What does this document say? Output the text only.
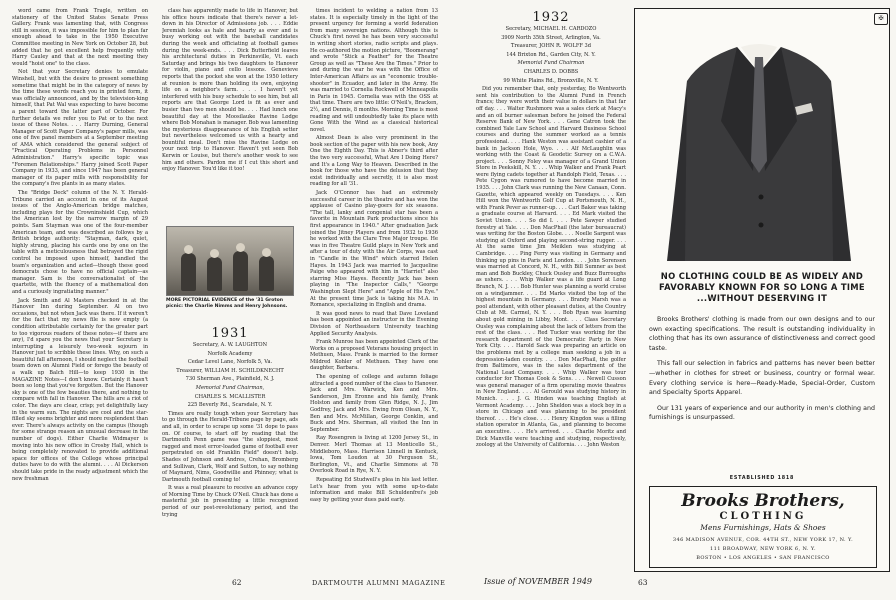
word came from Frank Tragle, written on stationery of the United States Senate Press Gallery. Frank was lamenting that, with Congress still in session, it was impossible for him to plan far enough ahead to take in the 1950 Executive Committee meeting in New York on October 28, but added that he got excellent help frequently with Harry Cauley and that at the next meeting they would "hoist one" to the class.

Not that your Secretary denies to emulate Winshell, but with the desire to present something sometime that might be in the category of news by the time these words reach you in printed form, it was officially announced, and by the television-king himself, that Pat Wal was expecting to have become a parent toward the latter part of October. For further details we refer you to Pat or to the next issue of these Notes. . . . Harry Durning, General Manager of Scott Paper Company's paper mills, was one of five panel members at a September meeting of AMA which considered the general subject of "Practical Operating Problems in Personnel Administration." Harry's specific topic was "Foremen Relationships." Harry joined Scott Paper Company in 1933, and since 1947 has been general manager of its paper mills with responsibility for the company's five plants in as many states.

The "Bridge Deck" column of the N. Y. Herald-Tribune carried an account in one of its August issues of the Anglo-American bridge matches, including plays for the Crowninshield Cup, which the American lost by the narrow margin of 29 points. Sam Stayman was one of the four-member American team, and was described as follows by a British bridge authority: "Stayman, dark, quiet, highly strung, placing his cards one by one on the table with a meticulousness that betrayed the rigid control he imposed upon himself, handled the team's organization and acted—though these good democrats chose to have no official captain—as manager. Sam is the conversationalist of the quartette, with the fluency of a mathematical don and a curiously ingratiating manner."

Jack Smith and Al Masters checked in at the Hanover Inn during September. Al on two occasions, but not when Jack was there. If it weren't for the fact that my news file is now empty (a condition attributable certainly for the greater part to too vigorous readers of these notes—if there are any), I'd spare you the news that your Secretary is interrupting a leisurely two-week sojourn in Hanover just to scribble these lines. Why, on such a beautiful fall afternoon, I should neglect the football team down on Alumni Field or forego the beauty of a walk up Balch Hill—to keep 1930 in the MAGAZINE Notes—I don't know. Certainly it hasn't been so long that you've forgotten. But the Hanover sky is one of the few beauties there, and nothing to compare with fall in Hanover. The hills are a riot of color. The days are clear, crisp; yet delightfully lazy in the warm sun. The nights are cool and the star-filled sky seems brighter and more resplendent than ever. There's always activity on the campus (though for some strange reason an unusual decrease in the number of dogs). Either Charlie Widmayer is moving into his new office in Crosby Hall, which is being completely renovated to provide additional space for offices of the College whose principal duties have to do with the alumni. . . . Al Dickerson should take pride in the ready adjustment which the new freshman

class has apparently made to life in Hanover, but his office hours indicate that there's never a let-down in his Director of Admissions job. . . . Eddie Jeremiah looks as hale and hearty as ever and is busy working out with the baseball candidates during the week and officiating at football games during the week-ends. . . . Dick Butterfield leaves his architectural duties in Perkinsville, Vt. each Saturday and brings his two daughters to Hanover for violin, piano and cello lessons. Genevieve reports that the pocket she won at the 1950 lottery at reunion is more than holding its own, enjoying life on a neighbor's farm. . . . I haven't yet interfered with his busy schedule to see him, but all reports are that George Lord is fit as ever and busier than two men should be. . . . Had lunch one beautiful day at the Moosilauke Ravine Lodge where Bob Monahan is manager. Bob was lamenting the mysterious disappearance of his English setter but nevertheless welcomed us with a hearty and bountiful meal. Don't miss the Ravine Lodge on your next trip to Hanover. Haven't yet seen Bob Kerwin or Louise, but there's another week to see him and others. Pardon me if I cut this short and enjoy Hanover. You'd like it too!

1931

Secretary, A. W. LAUGHTON

Norfolk Academy

Cedar Level Lane, Norfolk 5, Va.

Treasurer, WILLIAM H. SCHILDKNECHT

730 Sherman Ave., Plainfield, N. J.

Memorial Fund Chairman,

CHARLES S. MCALLISTER

225 Beverly Rd., Scarsdale, N. Y.

Times are really tough when your Secretary has to go through the Herald-Tribune page by page, ads and all, in order to scrape up some '31 dope to pass on. Of course, to start off by reading that the Dartmouth Penn game was "the sloppiest, most ragged and most error-loaded game of football ever perpetrated on old Franklin Field" doesn't help. Shades of Johnson and Andres, Crehan, Bromberg and Sullivan, Clark, Wolf and Sutton, to say nothing of Maynard, Nims, Goodwillie and Phinney; what is Dartmouth football coming to!

It was a real pleasure to receive an advance copy of Morning Time by Chuck O'Neil. Chuck has done a masterful job in presenting a little recognized period of our post-revolutionary period, and the trying

MORE PICTORIAL EVIDENCE of the '31 Groton picnic: the Charlie Nimms and Henry Johnsons.

times incident to welding a nation from 13 states. It is especially timely in the light of the present urgency for forming a world federation from many sovereign nations. Although this is Chuck's first novel he has been very successful in writing short stories, radio scripts and plays. He co-authored the motion picture, "Boomerang" and wrote "Stick a Feather" for the Theatre Group as well as "These Are the Times." Prior to and during the war he was with the Office of Inter-American Affairs as an "economic trouble-shooter" in Ecuador, and later in the Army. He was married to Cornelia Rockwell of Minneapolis in Paris in 1945. Cornelia was with the OSS at that time. There are two little: O'Neil's, Bracken, 2½, and Dennis, 8 months. Morning Time is most reading and will undoubtedly take its place with Gone With the Wind as a classical historical novel.

Almost Dean is also very prominent in the book section of the paper with his new book, Any One the Eighth Day. This is Abner's third after the two very successful, What Are I Doing Here? and It's a Long Way to Heaven. Described in the book for those who have the delusion that they exist individually and secretly, it is also most reading for all '31.

Jack O'Connor has had an extremely successful career in the theatre and has won the applause of Casino play-goers for six seasons. "The tall, lanky and congenial star has been a favorite in Mountain Park productions since his first appearance in 1940." After graduation Jack joined the Jitney Players and from 1932 to 1936 he worked with the Clare Tree Major troupe. He was in five Theatre Guild plays in New York and after a tour of duty with the Air Corps, was cast in "Candle in the Wind" which starred Helen Hayes. In 1943 Jack was married to Jacqueline Paige who appeared with him in "Harriet" also starring Miss Hayes. Recently Jack has been playing in "The Inspector Calls," "George Washington Slept Here" and "Apple of His Eye." At the present time Jack is taking his M.A. in Romance, specializing in English and drama.

It was good news to read that Dave Loveland has been appointed an instructor in the Evening Division of Northeastern University teaching Applied Security Analysis.

Frank Munroe has been appointed Clerk of the Works on a proposed Veterans housing project in Methuen, Mass. Frank is married to the former Mildred Kohler of Methuen. They have one daughter, Barbara.

The opening of college and autumn foliage attracted a good number of the class to Hanover. Jack and Mrs. Warwick, Ken and Mrs. Sanderson, Jim Eronne and his family, Frank Holston and family from Glen Ridge, N. J., Jim Godfrey, Jack and Mrs. Ewing from Olean, N. Y., Ben and Mrs. McMillan, George Conklin, and Buck and Mrs. Sherman, all visited the Inn in September.

Ray Rosengren is living at 1200 Jersey St., in Denver. Merl Thomas at 13 Monticello St., Middleboro, Mass. Harrison Linnell in Kentuck, Iowa, Tom Loudon at 30 Ferguson St., Burlington, Vt., and Charlie Simmons at 78 Overlook Road in Rye, N. Y.

Repeating Ed Studwell's plea in his last letter. Let's hear from you with some up-to-date information and make Bill Schuldenfrei's job easy by getting your dues paid early.

62	DARTMOUTH ALUMNI MAGAZINE
1932

Secretary, MICHAEL H. CARDOZO

3909 North 35th Street, Arlington, Va.

Treasurer, JOHN R. WOLFF 3d

144 Brixton Rd., Garden City, N. Y.

Memorial Fund Chairman

CHARLES D. DOBBS

99 White Plains Rd., Bronxville, N. Y.

Did you remember that, only yesterday, Bo Wentworth sent his contribution to the Alumni Fund in French francs; they were worth their value in dollars in that far off day. . . . Walter Rushmore was a sales clerk at Macy's and an oil burner salesman before he joined the Federal Reserve Bank of New York. . . . Gene Catron took the combined Yale Law School and Harvard Business School courses and during the summer worked as a tennis professional. . . . Hank Weston was assistant cashier of a bank in Jackson Hole, Wyo. . . . Alf McLaughlin was working with the Coast & Geodetic Survey on a C.W.A. project. . . . Sonny Foley was manager of a Grand Union Store in Peekskill, N. Y. . . . Whip Walker and Frank Peart were flying cadets together at Randolph Field, Texas. . . . Pete Cygon was rumored to have become married in 1935. . . . John Clark was running the New Canaan, Conn. Gazette, which appeared weekly on Tuesdays. . . . Ken Hill won the Wentworth Golf Cup at Portsmouth, N. H., with Frank Pever as runner-up. . . . Carl Baker was taking a graduate course at Harvard. . . . Ed Mark visited the Soviet Union. . . . So did I. . . . Pete Sawyer studied forestry at Yale. . . . Don MacPhail (the later bureaucrat) was writing for the Boston Globe. . . . Noelle Sargent was studying at Oxford and playing second-string rugger. . . . At the same time Jim Meiklen was studying at Cambridge. . . . Ping Ferry was visiting in Germany and thinking up pins in Paris and London. . . . John Sorensen was married at Concord, N. H., with Bill Sumner as best man and Bob Buckley, Chuck Ousley and Buzz Burroughs as ushers. . . . Whip Walker was a life guard at Long Branch, N. J. . . . Bob Hunter was planning a world cruise on a windjammer. . . . Ed Marks visited the top of the highest mountain in Germany. . . . Brandy Marsh was a pool attendant, with other pleasant duties, at the Country Club at Mt. Carmel, N. Y. . . . Bob Ryan was learning about gold mining in Libby, Mont. . . . Class Secretary Ousley was complaining about the lack of letters from the rest of the class. . . . Red Tucker was working for the research department of the Democratic Party in New York City. . . . Harold Sack was preparing an article on the problems met by a college man seeking a job in a depression-laden country. . . . Don MacPhail, the golfer from Baltimore, was in the sales department of the National Lead Company. . . . Whip Walker was tour conductor for Thomas Cook & Sons. . . . Newell Cusson was general manager of a firm operating movie theatres in New England. . . . Al Gerould was studying history in Munich. . . . J. G. Hinden was teaching English at Vermont Academy. . . . John Sheldon was a stock boy in a store in Chicago and was planning to be president thereof. . . . He's close. . . . Henry Kingdon was a filling station operator in Atlanta, Ga., and planning to become an executive. . . . He's arrived. . . . Charlie Moritz and Dick Manville were teaching and studying, respectively, zoology at the University of California. . . . John Weston

Issue of NOVEMBER 1949	63
✠
NO CLOTHING COULD BE AS WIDELY AND
FAVORABLY KNOWN FOR SO LONG A TIME
...WITHOUT DESERVING IT

Brooks Brothers' clothing is made from our own designs and to our own exacting specifications. The result is outstanding individuality in clothing that has its own assurance of distinctiveness and correct good taste.

This fall our selection in fabrics and patterns has never been better—whether in clothes for street or business, country or formal wear. Every clothing service is here—Ready-Made, Special-Order, Custom and Specialty Sports Apparel.

Our 131 years of experience and our authority in men's clothing and furnishings is unsurpassed.

ESTABLISHED 1818
Brooks Brothers,
CLOTHING
Mens Furnishings, Hats & Shoes
346 MADISON AVENUE, COR. 44TH ST., NEW YORK 17, N. Y.
111 BROADWAY, NEW YORK 6, N. Y.
BOSTON • LOS ANGELES • SAN FRANCISCO
